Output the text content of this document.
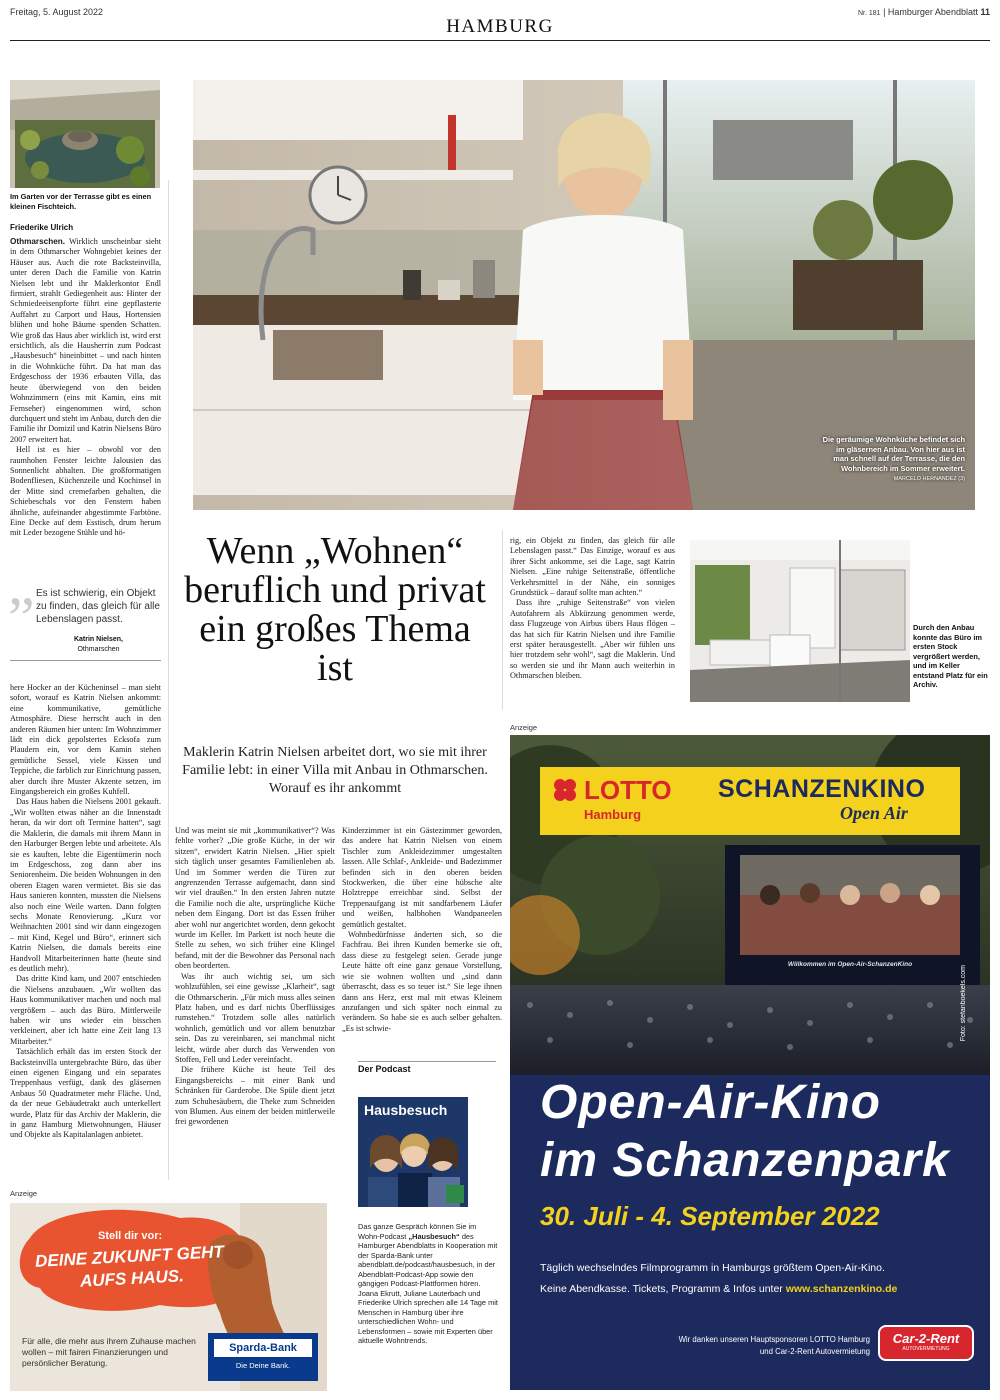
Freitag, 5. August 2022
HAMBURG
Nr. 181 | Hamburger Abendblatt 11
Im Garten vor der Terrasse gibt es einen kleinen Fischteich.
Friederike Ulrich

Othmarschen. Wirklich unscheinbar sieht in dem Othmarscher Wohngebiet keines der Häuser aus. Auch die rote Backsteinvilla, unter deren Dach die Familie von Katrin Nielsen lebt und ihr Maklerkontor Endl firmiert, strahlt Gediegenheit aus: Hinter der Schmiedeeisenpforte führt eine gepflasterte Auffahrt zu Carport und Haus, Hortensien blühen und hohe Bäume spenden Schatten. Wie groß das Haus aber wirklich ist, wird erst ersichtlich, als die Hausherrin zum Podcast „Hausbesuch“ hineinbittet – und nach hinten in die Wohnküche führt. Da hat man das Erdgeschoss der 1936 erbauten Villa, das heute überwiegend von den beiden Wohnzimmern (eins mit Kamin, eins mit Fernseher) eingenommen wird, schon durchquert und steht im Anbau, durch den die Familie ihr Domizil und Katrin Nielsens Büro 2007 erweitert hat.

Hell ist es hier – obwohl vor den raumhohen Fenster leichte Jalousien das Sonnenlicht abhalten. Die großformatigen Bodenfliesen, Küchenzeile und Kochinsel in der Mitte sind cremefarben gehalten, die Schiebeschals vor den Fenstern haben ähnliche, aufeinander abgestimmte Farbtöne. Eine Decke auf dem Esstisch, drum herum mit Leder bezogene Stühle und hö-

Die geräumige Wohnküche befindet sich im gläsernen Anbau. Von hier aus ist man schnell auf der Terrasse, die den Wohnbereich im Sommer erweitert. MARCELO HERNANDEZ (3)
” Es ist schwierig, ein Objekt zu finden, das gleich für alle Lebenslagen passt.
Katrin Nielsen,
Othmarschen
Wenn „Wohnen“ beruflich und privat ein großes Thema ist
Maklerin Katrin Nielsen arbeitet dort, wo sie mit ihrer Familie lebt: in einer Villa mit Anbau in Othmarschen. Worauf es ihr ankommt

here Hocker an der Kücheninsel – man sieht sofort, worauf es Katrin Nielsen ankommt: eine kommunikative, gemütliche Atmosphäre. Diese herrscht auch in den anderen Räumen hier unten: Im Wohnzimmer lädt ein dick gepolstertes Ecksofa zum Plaudern ein, vor dem Kamin stehen gemütliche Sessel, viele Kissen und Teppiche, die farblich zur Einrichtung passen, aber durch ihre Muster Akzente setzen, im Eingangsbereich ein großes Kuhfell.

Das Haus haben die Nielsens 2001 gekauft. „Wir wollten etwas näher an die Innenstadt heran, da wir dort oft Termine hatten“, sagt die Maklerin, die damals mit ihrem Mann in den Harburger Bergen lebte und arbeitete. Als sie es kauften, lebte die Eigentümerin noch im Erdgeschoss, zog dann aber ins Seniorenheim. Die beiden Wohnungen in den oberen Etagen waren vermietet. Bis sie das Haus sanieren konnten, mussten die Nielsens also noch eine Weile warten. Dann folgten sechs Monate Renovierung. „Kurz vor Weihnachten 2001 sind wir dann eingezogen – mit Kind, Kegel und Büro“, erinnert sich Katrin Nielsen, die damals bereits eine Handvoll Mitarbeiterinnen hatte (heute sind es deutlich mehr).

Das dritte Kind kam, und 2007 entschieden die Nielsens anzubauen. „Wir wollten das Haus kommunikativer machen und noch mal vergrößern – auch das Büro. Mittlerweile haben wir uns wieder ein bisschen verkleinert, aber ich hatte eine Zeit lang 13 Mitarbeiter.“

Tatsächlich erhält das im ersten Stock der Backsteinvilla untergebrachte Büro, das über einen eigenen Eingang und ein separates Treppenhaus verfügt, dank des gläsernen Anbaus 50 Quadratmeter mehr Fläche. Und, da der neue Gebäudetrakt auch unterkellert wurde, Platz für das Archiv der Maklerin, die in ganz Hamburg Mietwohnungen, Häuser und Objekte als Kapitalanlagen anbietet.

Und was meint sie mit „kommunikativer“? Was fehlte vorher? „Die große Küche, in der wir sitzen“, erwidert Katrin Nielsen. „Hier spielt sich täglich unser gesamtes Familienleben ab. Und im Sommer werden die Türen zur angrenzenden Terrasse aufgemacht, dann sind wir viel draußen.“ In den ersten Jahren nutzte die Familie noch die alte, ursprüngliche Küche neben dem Eingang. Dort ist das Essen früher aber wohl nur angerichtet worden, denn gekocht wurde im Keller. Im Parkett ist noch heute die Stelle zu sehen, wo sich früher eine Klingel befand, mit der die Bewohner das Personal nach oben beorderten.

Was ihr auch wichtig sei, um sich wohlzufühlen, sei eine gewisse „Klarheit“, sagt die Othmarscherin. „Für mich muss alles seinen Platz haben, und es darf nichts Überflüssiges rumstehen.“ Trotzdem solle alles natürlich wohnlich, gemütlich und vor allem benutzbar sein. Das zu vereinbaren, sei manchmal nicht leicht, würde aber durch das Verwenden von Stoffen, Fell und Leder vereinfacht.

Die frühere Küche ist heute Teil des Eingangsbereichs – mit einer Bank und Schränken für Garderobe. Die Spüle dient jetzt zum Schuhesäubern, die Theke zum Schneiden von Blumen. Aus einem der beiden mittlerweile frei gewordenen

Kinderzimmer ist ein Gästezimmer geworden, das andere hat Katrin Nielsen von einem Tischler zum Ankleidezimmer umgestalten lassen. Alle Schlaf-, Ankleide- und Badezimmer befinden sich in den oberen beiden Stockwerken, die über eine hübsche alte Holztreppe erreichbar sind. Selbst der Treppenaufgang ist mit sandfarbenem Läufer und weißen, halbhohen Wandpaneelen gemütlich gestaltet.

Wohnbedürfnisse änderten sich, so die Fachfrau. Bei ihren Kunden bemerke sie oft, dass diese zu festgelegt seien. Gerade junge Leute hätte oft eine ganz genaue Vorstellung, wie sie wohnen wollten und „sind dann überrascht, dass es so teuer ist.“ Sie lege ihnen dann ans Herz, erst mal mit etwas Kleinem anzufangen und sich später noch einmal zu verändern. So habe sie es auch selber gehalten. „Es ist schwie-

rig, ein Objekt zu finden, das gleich für alle Lebenslagen passt.“ Das Einzige, worauf es aus ihrer Sicht ankomme, sei die Lage, sagt Katrin Nielsen. „Eine ruhige Seitenstraße, öffentliche Verkehrsmittel in der Nähe, ein sonniges Grundstück – darauf sollte man achten.“

Dass ihre „ruhige Seitenstraße“ von vielen Autofahrern als Abkürzung genommen werde, dass Flugzeuge von Airbus übers Haus flögen – das hat sich für Katrin Nielsen und ihre Familie erst später herausgestellt. „Aber wir fühlen uns hier trotzdem sehr wohl“, sagt die Maklerin. Und so werden sie und ihr Mann auch weiterhin in Othmarschen bleiben.

Durch den Anbau konnte das Büro im ersten Stock vergrößert werden, und im Keller entstand Platz für ein Archiv.
Der Podcast
Hausbesuch
Das ganze Gespräch können Sie im Wohn-Podcast „Hausbesuch“ des Hamburger Abendblatts in Kooperation mit der Sparda-Bank unter abendblatt.de/podcast/hausbesuch, in der Abendblatt-Podcast-App sowie den gängigen Podcast-Plattformen hören. Joana Ekrutt, Juliane Lauterbach und Friederike Ulrich sprechen alle 14 Tage mit Menschen in Hamburg über ihre unterschiedlichen Wohn- und Lebensformen – sowie mit Experten über aktuelle Wohntrends.
Anzeige
Stell dir vor:
DEINE ZUKUNFT GEHT
AUFS HAUS.
Für alle, die mehr aus ihrem Zuhause machen wollen – mit fairen Finanzierungen und persönlicher Beratung.
Sparda-Bank
Die Deine Bank.
Anzeige
Willkommen im Open-Air-SchanzenKino
LOTTO
Hamburg
SCHANZENKINO
Open Air
Foto: stefanboekels.com
Open-Air-Kino
im Schanzenpark
30. Juli - 4. September 2022
Täglich wechselndes Filmprogramm in Hamburgs größtem Open-Air-Kino.
Keine Abendkasse. Tickets, Programm & Infos unter www.schanzenkino.de
Wir danken unseren Hauptsponsoren LOTTO Hamburg
und Car-2-Rent Autovermietung
Car-2-Rent
AUTOVERMIETUNG
